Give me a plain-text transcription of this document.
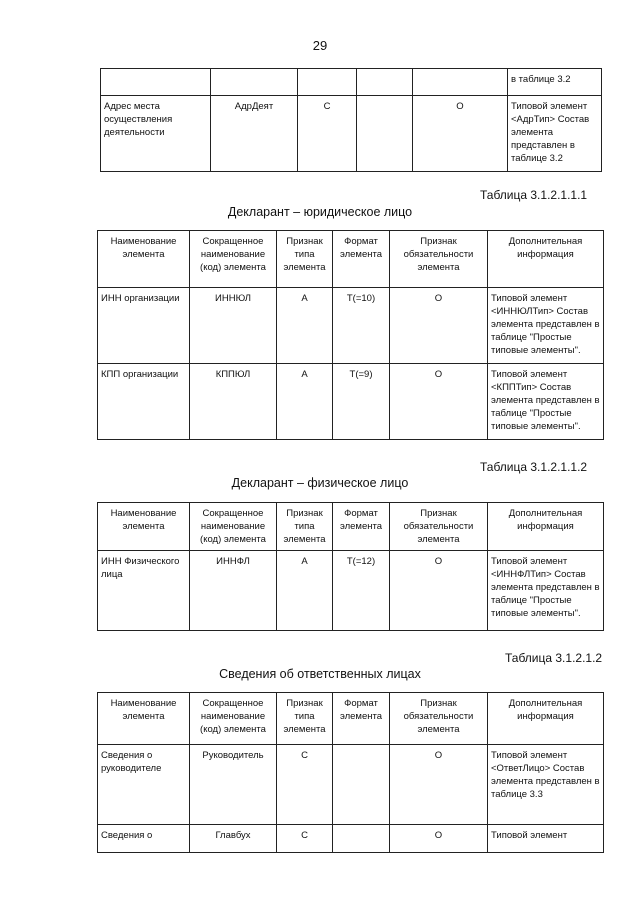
29
					в таблице 3.2
Адрес места осуществления деятельности	АдрДеят	С		О	Типовой элемент <АдрТип> Состав элемента представлен в таблице 3.2
Таблица 3.1.2.1.1.1
Декларант – юридическое лицо
Наименование элемента	Сокращенное наименование (код) элемента	Признак типа элемента	Формат элемента	Признак обязательности элемента	Дополнительная информация
ИНН организации	ИННЮЛ	А	T(=10)	О	Типовой элемент <ИННЮЛТип> Состав элемента представлен в таблице "Простые типовые элементы".
КПП организации	КППЮЛ	А	T(=9)	О	Типовой элемент <КППТип> Состав элемента представлен в таблице "Простые типовые элементы".
Таблица 3.1.2.1.1.2
Декларант – физическое лицо
Наименование элемента	Сокращенное наименование (код) элемента	Признак типа элемента	Формат элемента	Признак обязательности элемента	Дополнительная информация
ИНН Физического лица	ИННФЛ	А	T(=12)	О	Типовой элемент <ИННФЛТип> Состав элемента представлен в таблице "Простые типовые элементы".
Таблица 3.1.2.1.2
Сведения об ответственных лицах
Наименование элемента	Сокращенное наименование (код) элемента	Признак типа элемента	Формат элемента	Признак обязательности элемента	Дополнительная информация
Сведения о руководителе	Руководитель	С		О	Типовой элемент <ОтветЛицо> Состав элемента представлен в таблице 3.3
Сведения о	Главбух	С		О	Типовой элемент
